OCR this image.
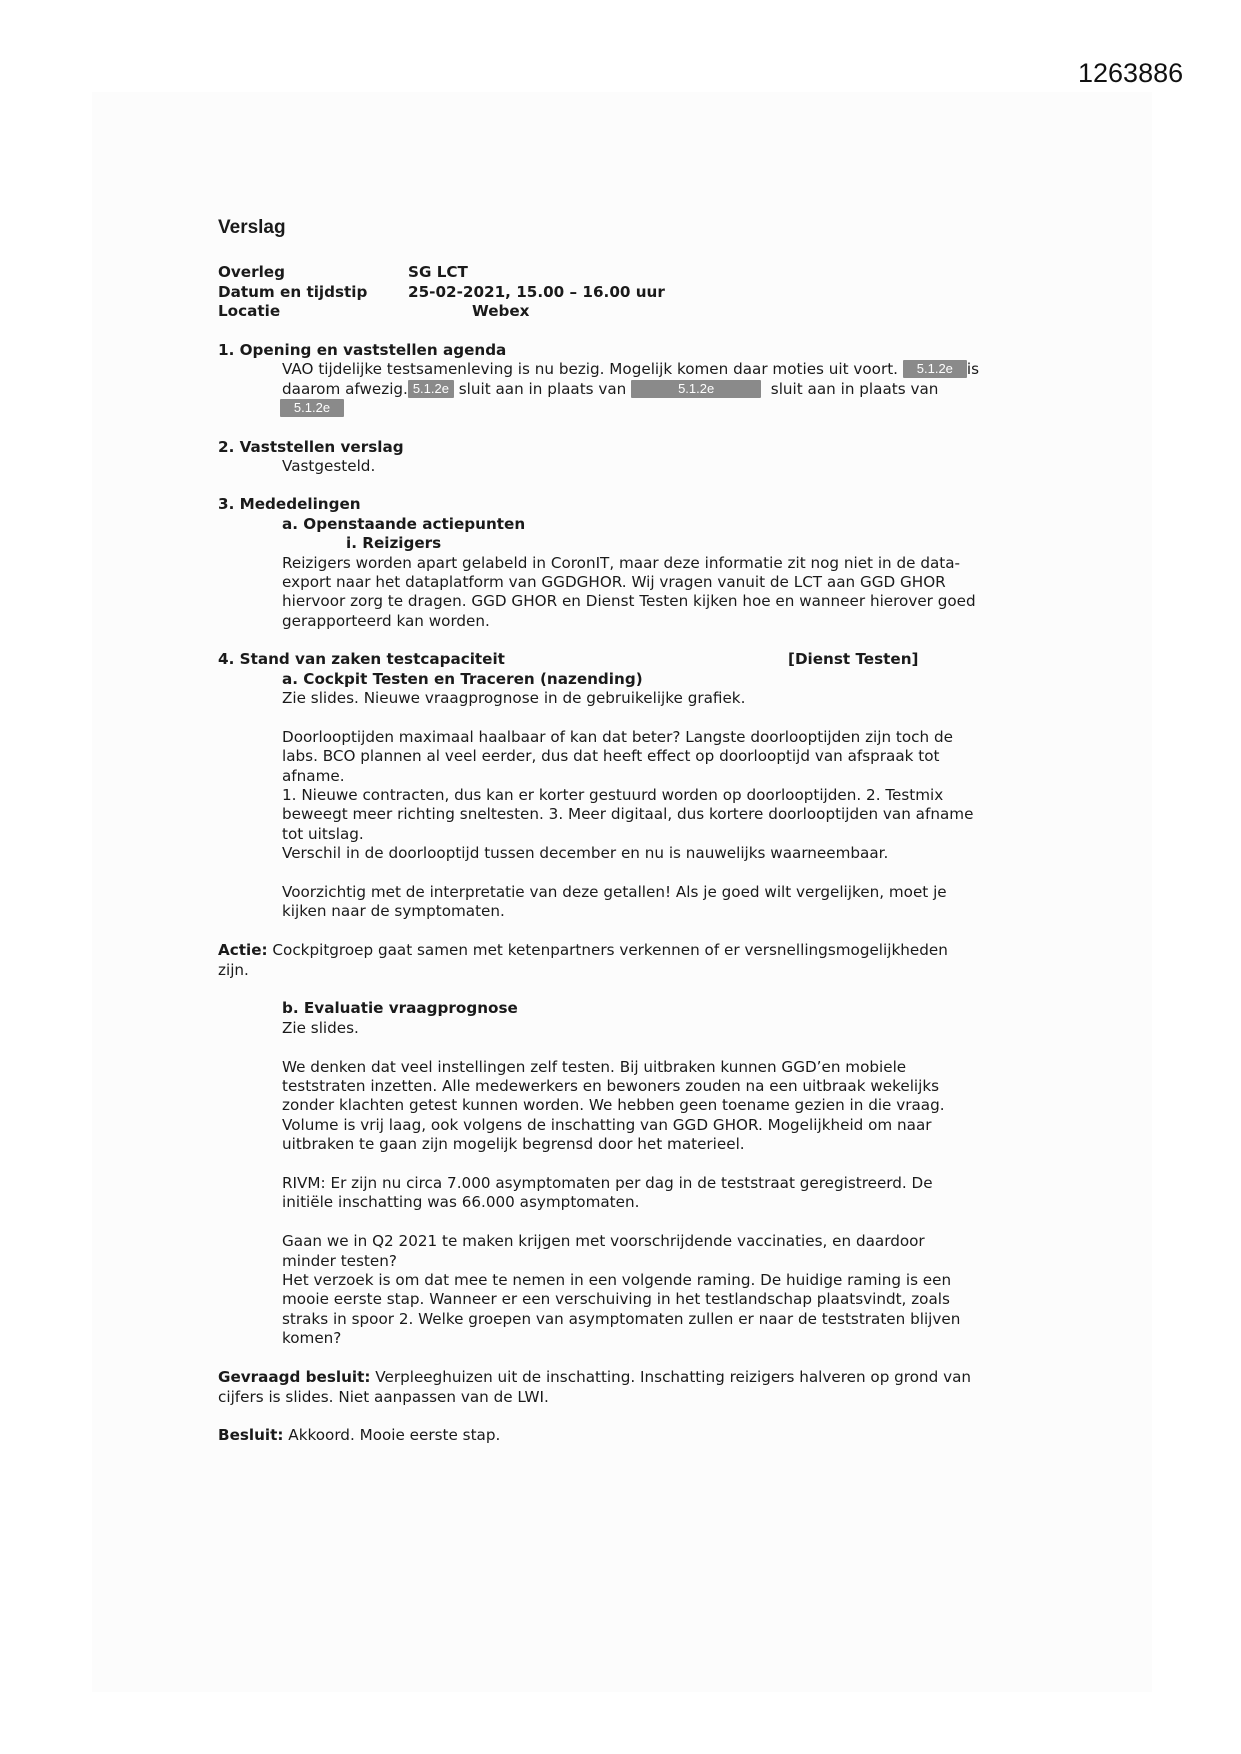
1263886
Verslag
Overleg	SG LCT
Datum en tijdstip	25-02-2021, 15.00 – 16.00 uur
Locatie	Webex
1. Opening en vaststellen agenda

VAO tijdelijke testsamenleving is nu bezig. Mogelijk komen daar moties uit voort. 5.1.2e is

daarom afwezig. 5.1.2e sluit aan in plaats van	5.1.2e	sluit aan in plaats van

5.1.2e

2. Vaststellen verslag
Vastgesteld.
3. Mededelingen
a. Openstaande actiepunten
i. Reizigers

Reizigers worden apart gelabeld in CoronIT, maar deze informatie zit nog niet in de data-

export naar het dataplatform van GGDGHOR. Wij vragen vanuit de LCT aan GGD GHOR

hiervoor zorg te dragen. GGD GHOR en Dienst Testen kijken hoe en wanneer hierover goed

gerapporteerd kan worden.

4. Stand van zaken testcapaciteit	[Dienst Testen]
a. Cockpit Testen en Traceren (nazending)

Zie slides. Nieuwe vraagprognose in de gebruikelijke grafiek.

Doorlooptijden maximaal haalbaar of kan dat beter? Langste doorlooptijden zijn toch de

labs. BCO plannen al veel eerder, dus dat heeft effect op doorlooptijd van afspraak tot

afname.

1. Nieuwe contracten, dus kan er korter gestuurd worden op doorlooptijden. 2. Testmix

beweegt meer richting sneltesten. 3. Meer digitaal, dus kortere doorlooptijden van afname

tot uitslag.

Verschil in de doorlooptijd tussen december en nu is nauwelijks waarneembaar.

Voorzichtig met de interpretatie van deze getallen! Als je goed wilt vergelijken, moet je

kijken naar de symptomaten.

Actie: Cockpitgroep gaat samen met ketenpartners verkennen of er versnellingsmogelijkheden

zijn.

b. Evaluatie vraagprognose

Zie slides.

We denken dat veel instellingen zelf testen. Bij uitbraken kunnen GGD’en mobiele

teststraten inzetten. Alle medewerkers en bewoners zouden na een uitbraak wekelijks

zonder klachten getest kunnen worden. We hebben geen toename gezien in die vraag.

Volume is vrij laag, ook volgens de inschatting van GGD GHOR. Mogelijkheid om naar

uitbraken te gaan zijn mogelijk begrensd door het materieel.

RIVM: Er zijn nu circa 7.000 asymptomaten per dag in de teststraat geregistreerd. De

initiële inschatting was 66.000 asymptomaten.

Gaan we in Q2 2021 te maken krijgen met voorschrijdende vaccinaties, en daardoor

minder testen?

Het verzoek is om dat mee te nemen in een volgende raming. De huidige raming is een

mooie eerste stap. Wanneer er een verschuiving in het testlandschap plaatsvindt, zoals

straks in spoor 2. Welke groepen van asymptomaten zullen er naar de teststraten blijven

komen?

Gevraagd besluit: Verpleeghuizen uit de inschatting. Inschatting reizigers halveren op grond van

cijfers is slides. Niet aanpassen van de LWI.

Besluit: Akkoord. Mooie eerste stap.
